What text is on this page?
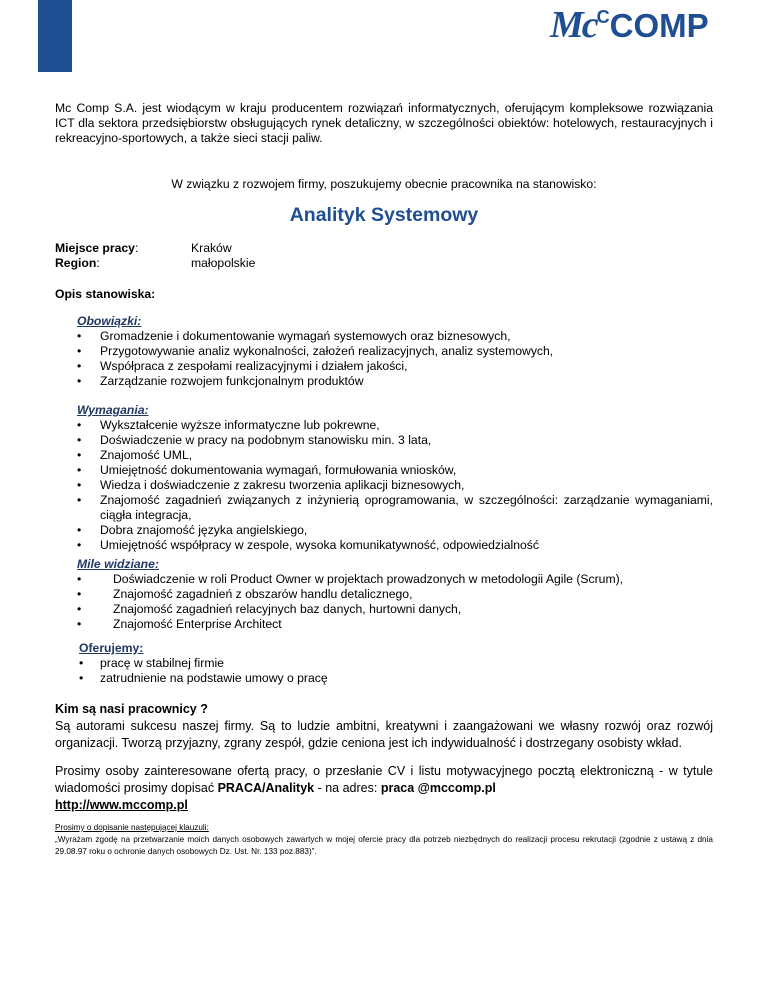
McCCOMP
Mc Comp S.A. jest wiodącym w kraju producentem rozwiązań informatycznych, oferującym kompleksowe rozwiązania ICT dla sektora przedsiębiorstw obsługujących rynek detaliczny, w szczególności obiektów: hotelowych, restauracyjnych i rekreacyjno-sportowych, a także sieci stacji paliw.
W związku z rozwojem firmy, poszukujemy obecnie pracownika na stanowisko:
Analityk Systemowy
Miejsce pracy:	Kraków
Region:	małopolskie
Opis stanowiska:
Obowiązki:
• Gromadzenie i dokumentowanie wymagań systemowych oraz biznesowych,
• Przygotowywanie analiz wykonalności, założeń realizacyjnych, analiz systemowych,
• Współpraca z zespołami realizacyjnymi i działem jakości,
• Zarządzanie rozwojem funkcjonalnym produktów
Wymagania:
• Wykształcenie wyższe informatyczne lub pokrewne,
• Doświadczenie w pracy na podobnym stanowisku min. 3 lata,
• Znajomość UML,
• Umiejętność dokumentowania wymagań, formułowania wniosków,
• Wiedza i doświadczenie z zakresu tworzenia aplikacji biznesowych,
• Znajomość zagadnień związanych z inżynierią oprogramowania, w szczególności: zarządzanie wymaganiami, ciągła integracja,
• Dobra znajomość języka angielskiego,
• Umiejętność współpracy w zespole, wysoka komunikatywność, odpowiedzialność
Mile widziane:
• Doświadczenie w roli Product Owner w projektach prowadzonych w metodologii Agile (Scrum),
• Znajomość zagadnień z obszarów handlu detalicznego,
• Znajomość zagadnień relacyjnych baz danych, hurtowni danych,
• Znajomość Enterprise Architect
Oferujemy:
• pracę w stabilnej firmie
• zatrudnienie na podstawie umowy o pracę
Kim są nasi pracownicy ?
Są autorami sukcesu naszej firmy. Są to ludzie ambitni, kreatywni i zaangażowani we własny rozwój oraz rozwój organizacji. Tworzą przyjazny, zgrany zespół, gdzie ceniona jest ich indywidualność i dostrzegany osobisty wkład.
Prosimy osoby zainteresowane ofertą pracy, o przesłanie CV i listu motywacyjnego pocztą elektroniczną - w tytule wiadomości prosimy dopisać PRACA/Analityk - na adres: praca @mccomp.pl
http://www.mccomp.pl
Prosimy o dopisanie następującej klauzuli:
„Wyrażam zgodę na przetwarzanie moich danych osobowych zawartych w mojej ofercie pracy dla potrzeb niezbędnych do realizacji procesu rekrutacji (zgodnie z ustawą z dnia 29.08.97 roku o ochronie danych osobowych Dz. Ust. Nr. 133 poz.883)”.
